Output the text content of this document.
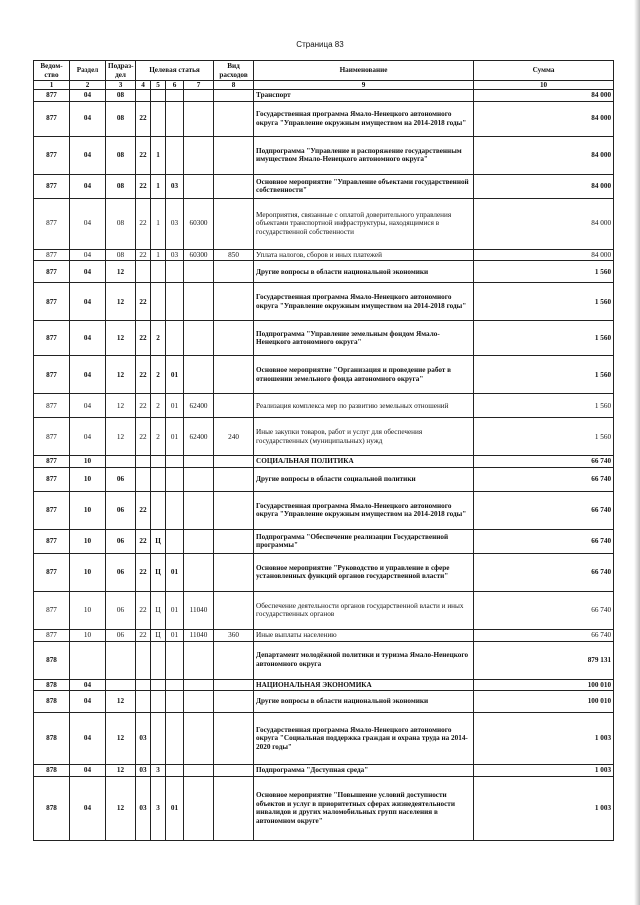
Страница 83
Ведом-ство	Раздел	Подраз-дел	Целевая статья				Вид расходов	Наименование	Сумма
1	2	3	4	5	6	7	8	9	10
877	04	08						Транспорт	84 000
877	04	08	22					Государственная программа Ямало-Ненецкого автономного округа "Управление окружным имуществом на 2014-2018 годы"	84 000
877	04	08	22	1				Подпрограмма "Управление и распоряжение государственным имуществом Ямало-Ненецкого автономного округа"	84 000
877	04	08	22	1	03			Основное мероприятие "Управление объектами государственной собственности"	84 000
877	04	08	22	1	03	60300		Мероприятия, связанные с оплатой доверительного управления объектами транспортной инфраструктуры, находящимися в государственной собственности	84 000
877	04	08	22	1	03	60300	850	Уплата налогов, сборов и иных платежей	84 000
877	04	12						Другие вопросы в области национальной экономики	1 560
877	04	12	22					Государственная программа Ямало-Ненецкого автономного округа "Управление окружным имуществом на 2014-2018 годы"	1 560
877	04	12	22	2				Подпрограмма "Управление земельным фондом Ямало-Ненецкого автономного округа"	1 560
877	04	12	22	2	01			Основное мероприятие "Организация и проведение работ в отношении земельного фонда автономного округа"	1 560
877	04	12	22	2	01	62400		Реализация комплекса мер по развитию земельных отношений	1 560
877	04	12	22	2	01	62400	240	Иные закупки товаров, работ и услуг для обеспечения государственных (муниципальных) нужд	1 560
877	10							СОЦИАЛЬНАЯ ПОЛИТИКА	66 740
877	10	06						Другие вопросы в области социальной политики	66 740
877	10	06	22					Государственная программа Ямало-Ненецкого автономного округа "Управление окружным имуществом на 2014-2018 годы"	66 740
877	10	06	22	Ц				Подпрограмма "Обеспечение реализации Государственной программы"	66 740
877	10	06	22	Ц	01			Основное мероприятие "Руководство и управление в сфере установленных функций органов государственной власти"	66 740
877	10	06	22	Ц	01	11040		Обеспечение деятельности органов государственной власти и иных государственных органов	66 740
877	10	06	22	Ц	01	11040	360	Иные выплаты населению	66 740
878								Департамент молодёжной политики и туризма Ямало-Ненецкого автономного округа	879 131
878	04							НАЦИОНАЛЬНАЯ ЭКОНОМИКА	100 010
878	04	12						Другие вопросы в области национальной экономики	100 010
878	04	12	03					Государственная программа Ямало-Ненецкого автономного округа "Социальная поддержка граждан и охрана труда на 2014-2020 годы"	1 003
878	04	12	03	3				Подпрограмма "Доступная среда"	1 003
878	04	12	03	3	01			Основное мероприятие "Повышение условий доступности объектов и услуг в приоритетных сферах жизнедеятельности инвалидов и других маломобильных групп населения в автономном округе"	1 003
